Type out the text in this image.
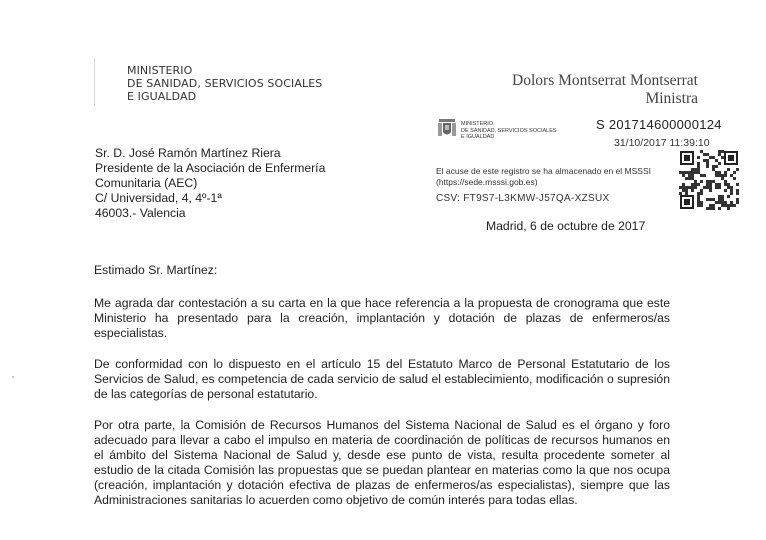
MINISTERIO
DE SANIDAD, SERVICIOS SOCIALES
E IGUALDAD
Dolors Montserrat Montserrat
Ministra
MINISTERIO
DE SANIDAD, SERVICIOS SOCIALES
E IGUALDAD
S 201714600000124
31/10/2017 11:39:10
El acuse de este registro se ha almacenado en el MSSSI (https://sede.msssi.gob.es)
CSV: FT9S7-L3KMW-J57QA-XZSUX
Sr. D. José Ramón Martínez Riera
Presidente de la Asociación de Enfermería
Comunitaria (AEC)
C/ Universidad, 4, 4º-1ª
46003.- Valencia
Madrid, 6 de octubre de 2017

Estimado Sr. Martínez:

Me agrada dar contestación a su carta en la que hace referencia a la propuesta de cronograma que este Ministerio ha presentado para la creación, implantación y dotación de plazas de enfermeros/as especialistas.

De conformidad con lo dispuesto en el artículo 15 del Estatuto Marco de Personal Estatutario de los Servicios de Salud, es competencia de cada servicio de salud el establecimiento, modificación o supresión de las categorías de personal estatutario.

Por otra parte, la Comisión de Recursos Humanos del Sistema Nacional de Salud es el órgano y foro adecuado para llevar a cabo el impulso en materia de coordinación de políticas de recursos humanos en el ámbito del Sistema Nacional de Salud y, desde ese punto de vista, resulta procedente someter al estudio de la citada Comisión las propuestas que se puedan plantear en materias como la que nos ocupa (creación, implantación y dotación efectiva de plazas de enfermeros/as especialistas), siempre que las Administraciones sanitarias lo acuerden como objetivo de común interés para todas ellas.
